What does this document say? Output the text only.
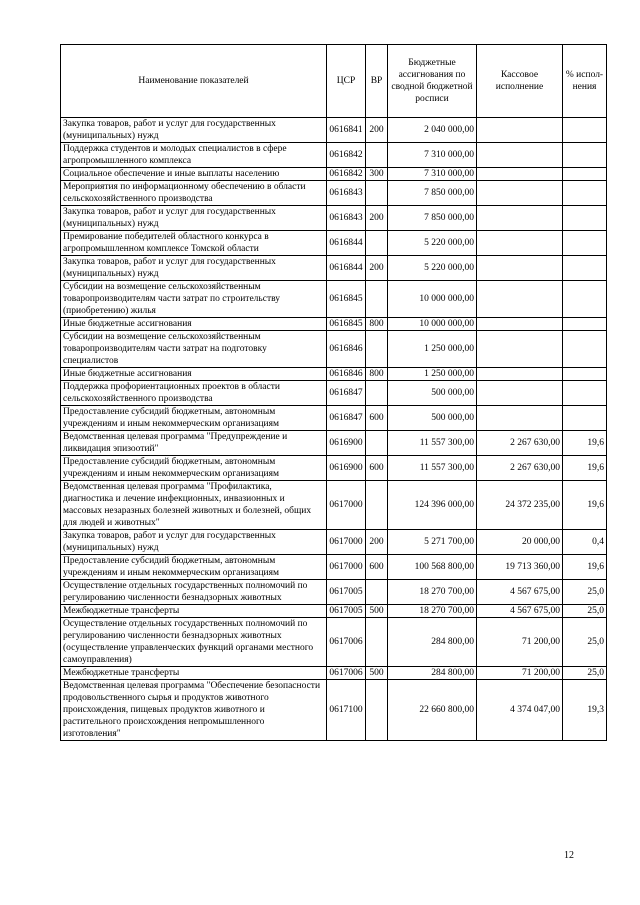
Наименование показателей	ЦСР	ВР	Бюджетные ассигнования по сводной бюджетной росписи	Кассовое исполнение	% испол-нения
Закупка товаров, работ и услуг для государственных (муниципальных) нужд	0616841	200	2 040 000,00		
Поддержка студентов и молодых специалистов в сфере агропромышленного комплекса	0616842		7 310 000,00		
Социальное обеспечение и иные выплаты населению	0616842	300	7 310 000,00		
Мероприятия по информационному обеспечению в области сельскохозяйственного производства	0616843		7 850 000,00		
Закупка товаров, работ и услуг для государственных (муниципальных) нужд	0616843	200	7 850 000,00		
Премирование победителей областного конкурса в агропромышленном комплексе Томской области	0616844		5 220 000,00		
Закупка товаров, работ и услуг для государственных (муниципальных) нужд	0616844	200	5 220 000,00		
Субсидии на возмещение сельскохозяйственным товаропроизводителям части затрат по строительству (приобретению) жилья	0616845		10 000 000,00		
Иные бюджетные ассигнования	0616845	800	10 000 000,00		
Субсидии на возмещение сельскохозяйственным товаропроизводителям части затрат на подготовку специалистов	0616846		1 250 000,00		
Иные бюджетные ассигнования	0616846	800	1 250 000,00		
Поддержка профориентационных проектов в области сельскохозяйственного производства	0616847		500 000,00		
Предоставление субсидий бюджетным, автономным учреждениям и иным некоммерческим организациям	0616847	600	500 000,00		
Ведомственная целевая программа "Предупреждение и ликвидация эпизоотий"	0616900		11 557 300,00	2 267 630,00	19,6
Предоставление субсидий бюджетным, автономным учреждениям и иным некоммерческим организациям	0616900	600	11 557 300,00	2 267 630,00	19,6
Ведомственная целевая программа "Профилактика, диагностика и лечение инфекционных, инвазионных и массовых незаразных болезней животных и болезней, общих для людей и животных"	0617000		124 396 000,00	24 372 235,00	19,6
Закупка товаров, работ и услуг для государственных (муниципальных) нужд	0617000	200	5 271 700,00	20 000,00	0,4
Предоставление субсидий бюджетным, автономным учреждениям и иным некоммерческим организациям	0617000	600	100 568 800,00	19 713 360,00	19,6
Осуществление отдельных государственных полномочий по регулированию численности безнадзорных животных	0617005		18 270 700,00	4 567 675,00	25,0
Межбюджетные трансферты	0617005	500	18 270 700,00	4 567 675,00	25,0
Осуществление отдельных государственных полномочий по регулированию численности безнадзорных животных (осуществление управленческих функций органами местного самоуправления)	0617006		284 800,00	71 200,00	25,0
Межбюджетные трансферты	0617006	500	284 800,00	71 200,00	25,0
Ведомственная целевая программа "Обеспечение безопасности продовольственного сырья и продуктов животного происхождения, пищевых продуктов животного и растительного происхождения непромышленного изготовления"	0617100		22 660 800,00	4 374 047,00	19,3
12
